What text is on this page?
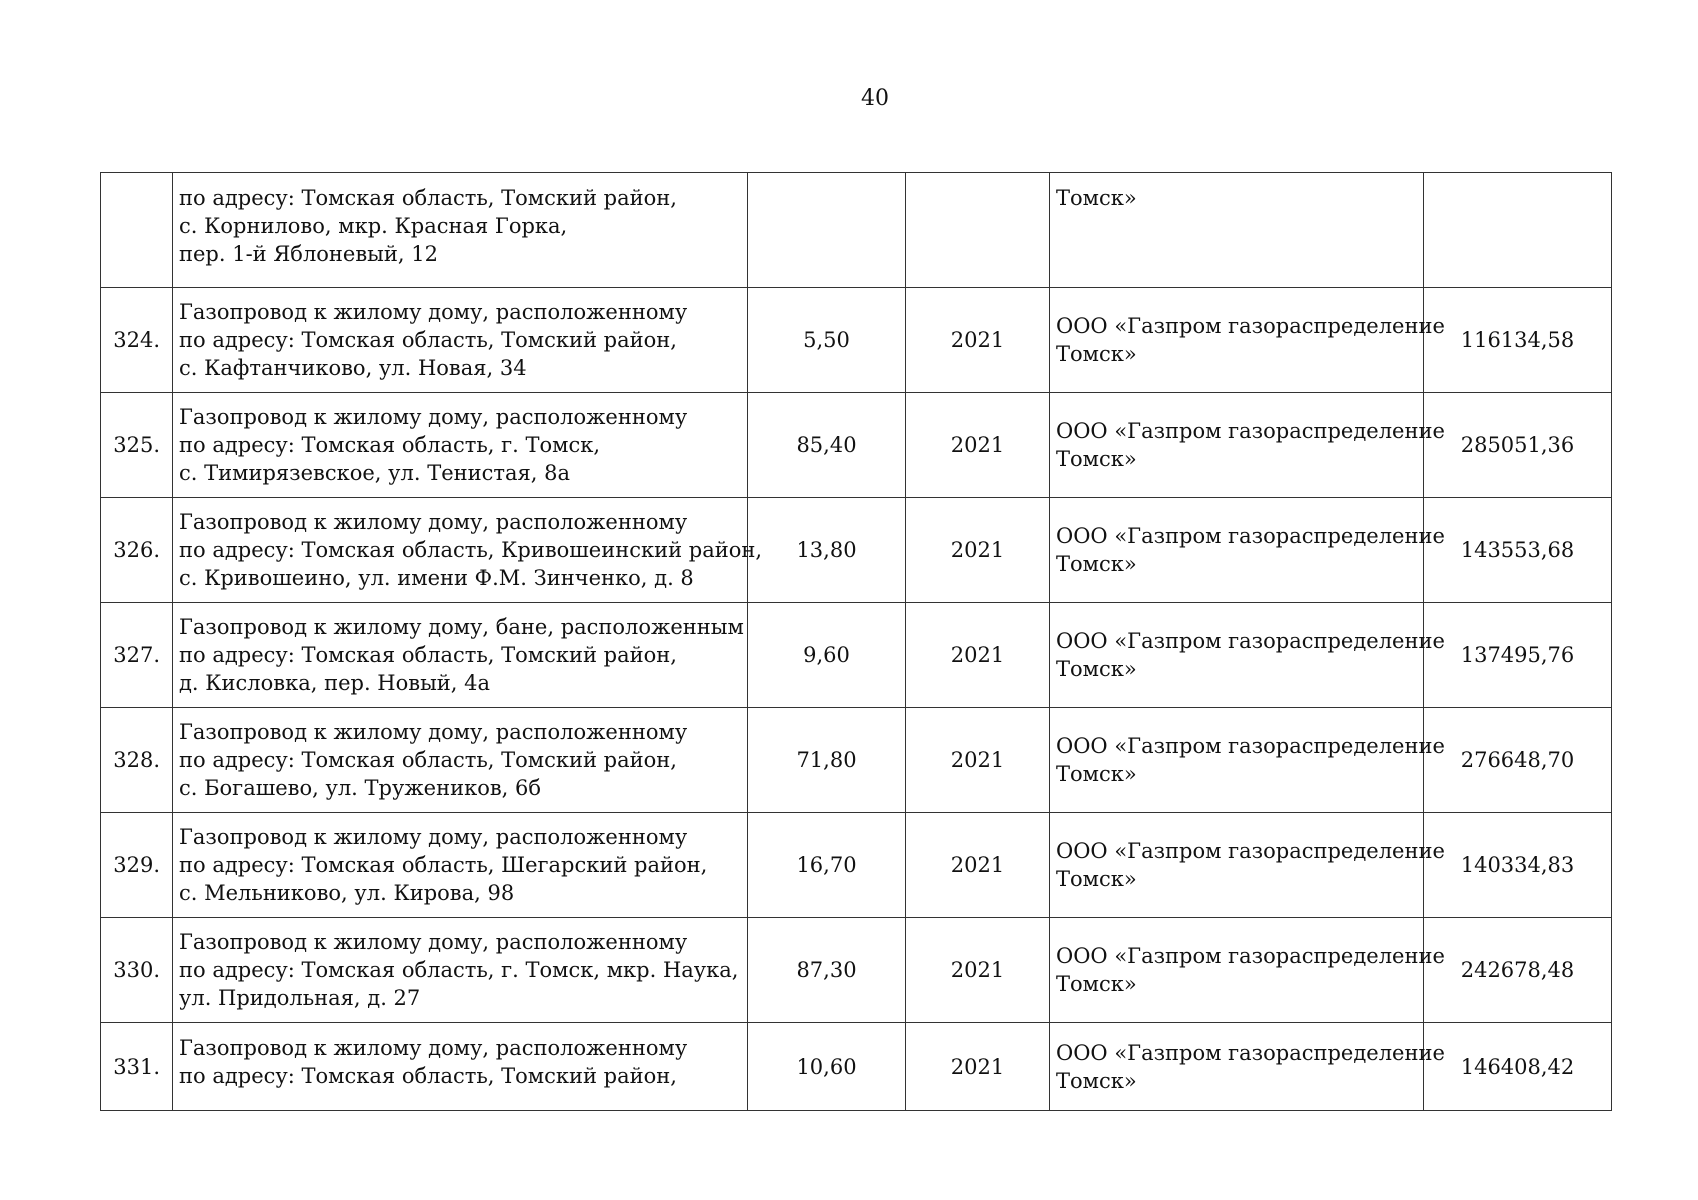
40

	по адресу: Томская область, Томский район,
с. Корнилово, мкр. Красная Горка,
пер. 1-й Яблоневый, 12			Томск»	

324.	Газопровод к жилому дому, расположенному
по адресу: Томская область, Томский район,
с. Кафтанчиково, ул. Новая, 34	5,50	2021	ООО «Газпром газораспределение
Томск»	116134,58
325.	Газопровод к жилому дому, расположенному
по адресу: Томская область, г. Томск,
с. Тимирязевское, ул. Тенистая, 8а	85,40	2021	ООО «Газпром газораспределение
Томск»	285051,36
326.	Газопровод к жилому дому, расположенному
по адресу: Томская область, Кривошеинский район,
с. Кривошеино, ул. имени Ф.М. Зинченко, д. 8	13,80	2021	ООО «Газпром газораспределение
Томск»	143553,68
327.	Газопровод к жилому дому, бане, расположенным
по адресу: Томская область, Томский район,
д. Кисловка, пер. Новый, 4а	9,60	2021	ООО «Газпром газораспределение
Томск»	137495,76
328.	Газопровод к жилому дому, расположенному
по адресу: Томская область, Томский район,
с. Богашево, ул. Тружеников, 6б	71,80	2021	ООО «Газпром газораспределение
Томск»	276648,70
329.	Газопровод к жилому дому, расположенному
по адресу: Томская область, Шегарский район,
с. Мельниково, ул. Кирова, 98	16,70	2021	ООО «Газпром газораспределение
Томск»	140334,83
330.	Газопровод к жилому дому, расположенному
по адресу: Томская область, г. Томск, мкр. Наука,
ул. Придольная, д. 27	87,30	2021	ООО «Газпром газораспределение
Томск»	242678,48
331.	Газопровод к жилому дому, расположенному
по адресу: Томская область, Томский район,	10,60	2021	ООО «Газпром газораспределение
Томск»	146408,42
